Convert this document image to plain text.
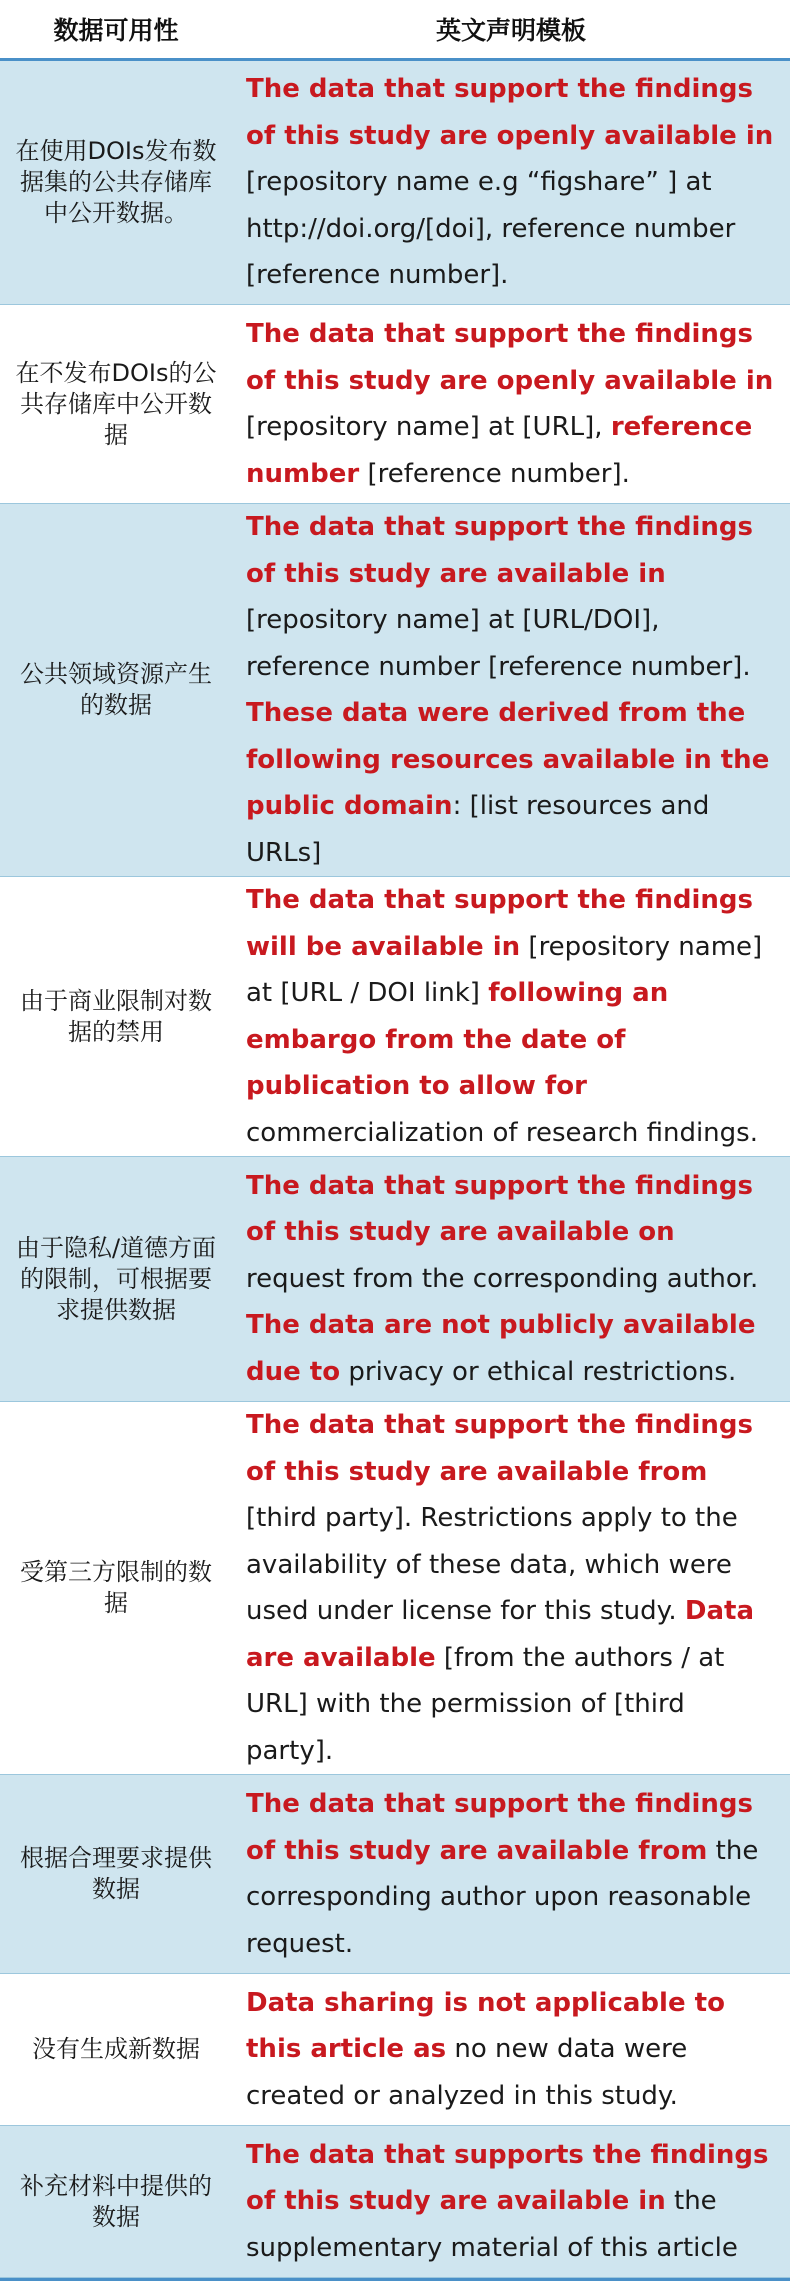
数据可用性	英文声明模板
在使用DOIs发布数据集的公共存储库中公开数据。	The data that support the findings of this study are openly available in [repository name e.g “figshare” ] at http://doi.org/[doi], reference number [reference number].
在不发布DOIs的公共存储库中公开数据	The data that support the findings of this study are openly available in [repository name] at [URL], reference number [reference number].
公共领域资源产生的数据	The data that support the findings of this study are available in [repository name] at [URL/DOI], reference number [reference number]. These data were derived from the following resources available in the public domain: [list resources and URLs]
由于商业限制对数据的禁用	The data that support the findings will be available in [repository name] at [URL / DOI link] following an embargo from the date of publication to allow for commercialization of research findings.
由于隐私/道德方面的限制，可根据要求提供数据	The data that support the findings of this study are available on request from the corresponding author. The data are not publicly available due to privacy or ethical restrictions.
受第三方限制的数据	The data that support the findings of this study are available from [third party]. Restrictions apply to the availability of these data, which were used under license for this study. Data are available [from the authors / at URL] with the permission of [third party].
根据合理要求提供数据	The data that support the findings of this study are available from the corresponding author upon reasonable request.
没有生成新数据	Data sharing is not applicable to this article as no new data were created or analyzed in this study.
补充材料中提供的数据	The data that supports the findings of this study are available in the supplementary material of this article
